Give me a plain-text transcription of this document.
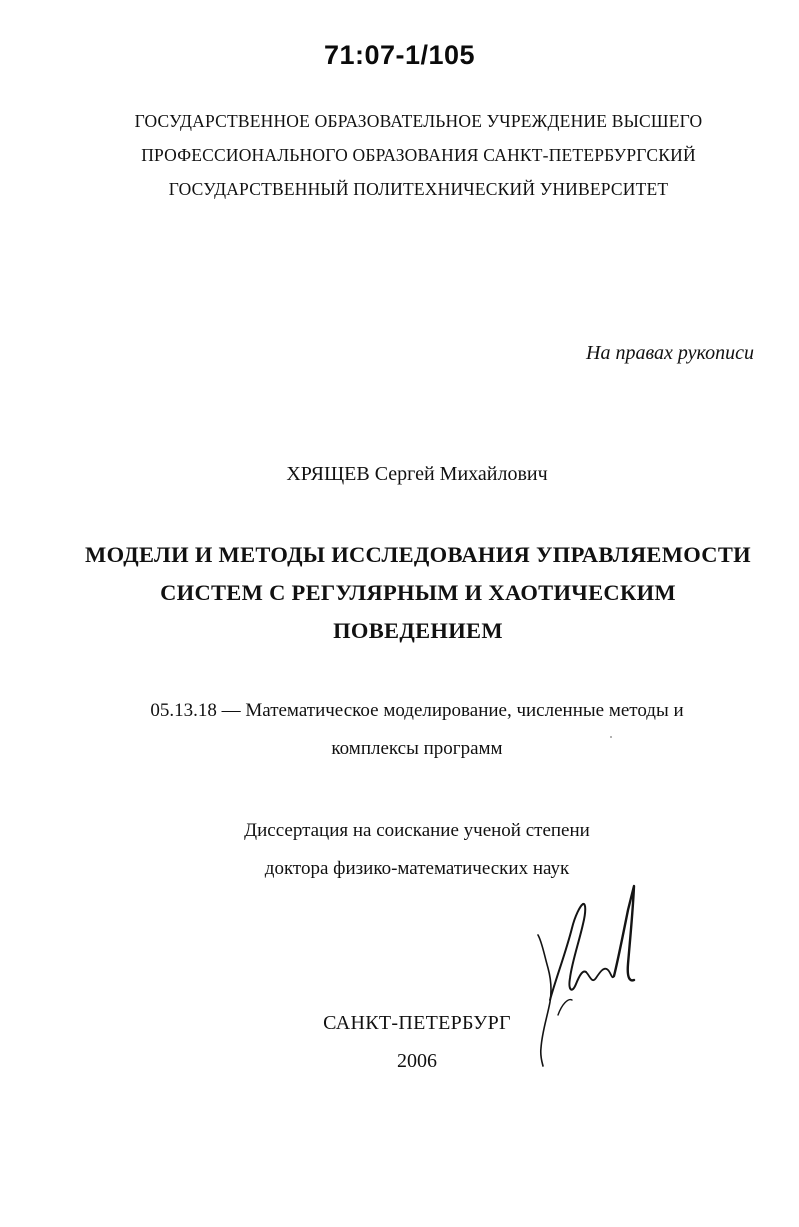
71:07-1/105
ГОСУДАРСТВЕННОЕ ОБРАЗОВАТЕЛЬНОЕ УЧРЕЖДЕНИЕ ВЫСШЕГО
ПРОФЕССИОНАЛЬНОГО ОБРАЗОВАНИЯ САНКТ-ПЕТЕРБУРГСКИЙ
ГОСУДАРСТВЕННЫЙ ПОЛИТЕХНИЧЕСКИЙ УНИВЕРСИТЕТ
На правах рукописи
ХРЯЩЕВ Сергей Михайлович
МОДЕЛИ И МЕТОДЫ ИССЛЕДОВАНИЯ УПРАВЛЯЕМОСТИ
СИСТЕМ С РЕГУЛЯРНЫМ И ХАОТИЧЕСКИМ
ПОВЕДЕНИЕМ
05.13.18 — Математическое моделирование, численные методы и
комплексы программ
Диссертация на соискание ученой степени
доктора физико-математических наук
САНКТ-ПЕТЕРБУРГ
2006
